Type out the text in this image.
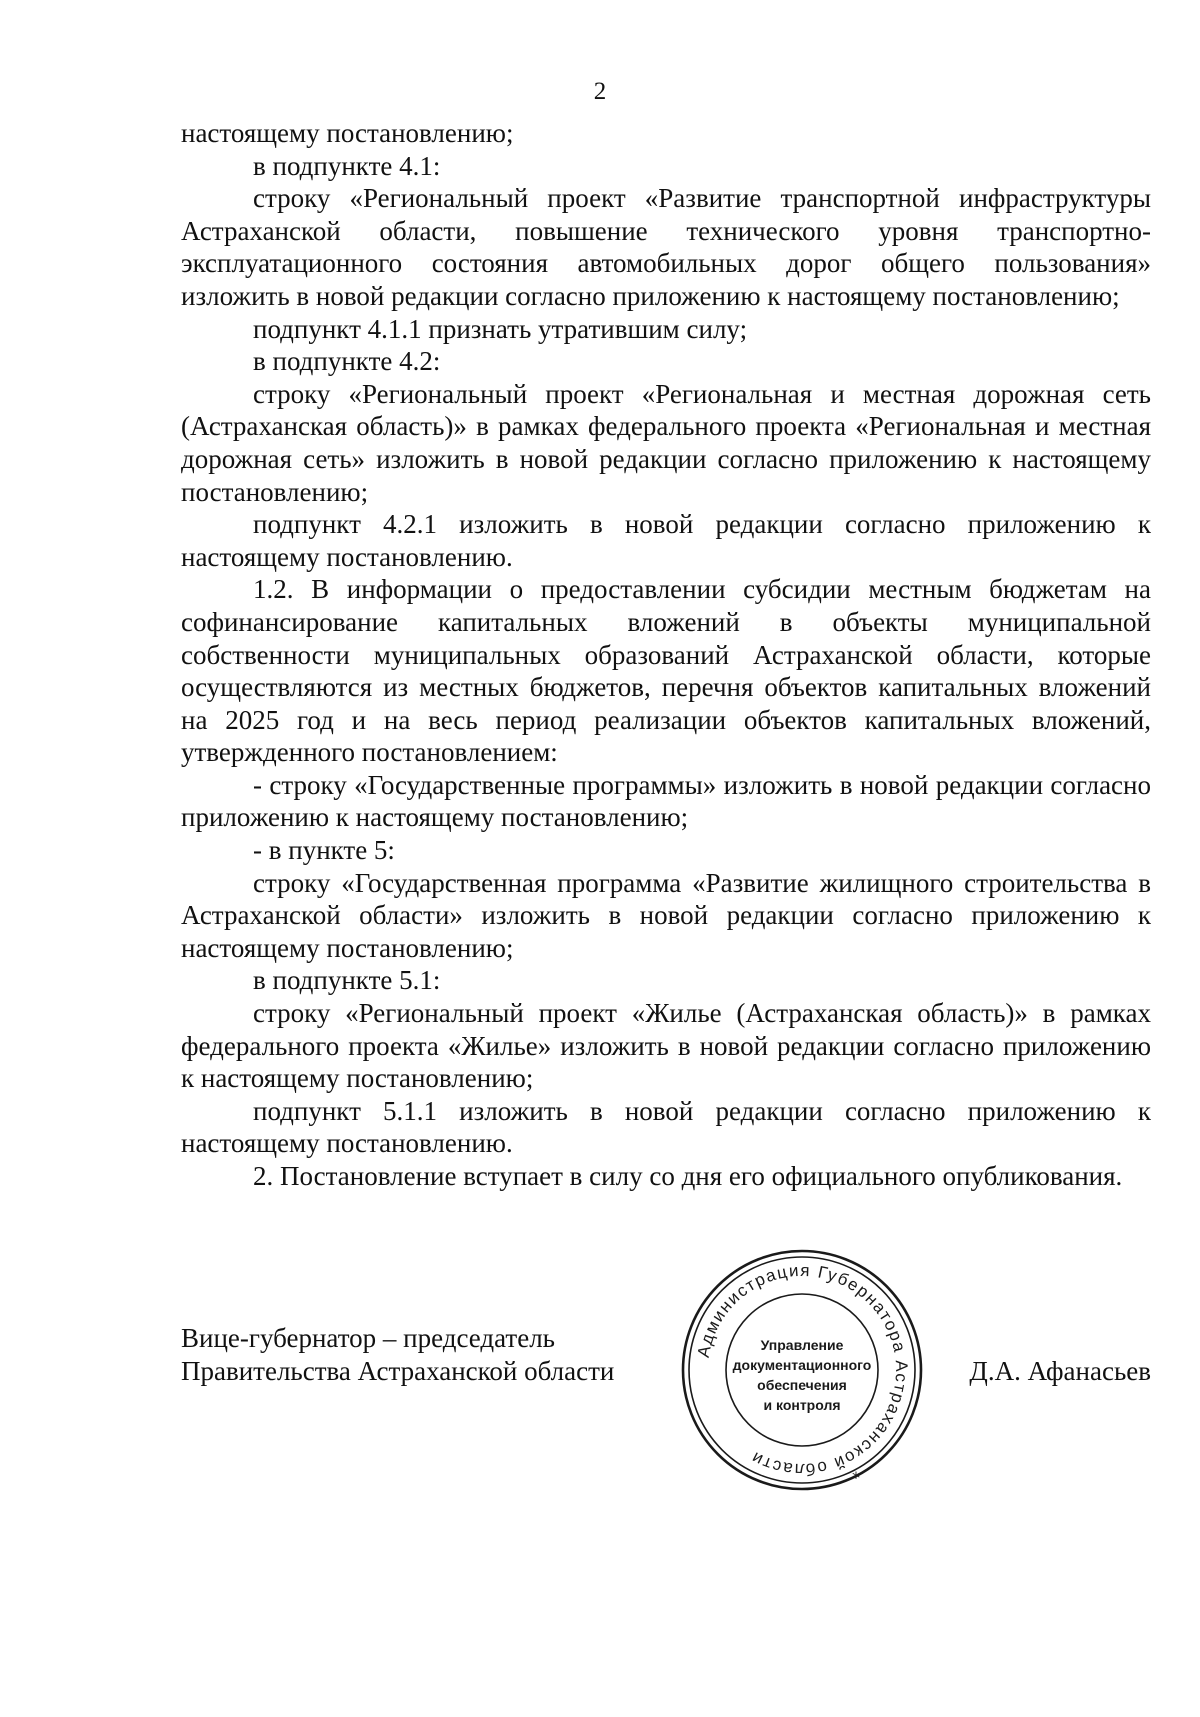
2

настоящему постановлению;

в подпункте 4.1:

строку «Региональный проект «Развитие транспортной инфраструктуры Астраханской области, повышение технического уровня транспортно-эксплуатационного состояния автомобильных дорог общего пользования» изложить в новой редакции согласно приложению к настоящему постановлению;

подпункт 4.1.1 признать утратившим силу;

в подпункте 4.2:

строку «Региональный проект «Региональная и местная дорожная сеть (Астраханская область)» в рамках федерального проекта «Региональная и местная дорожная сеть» изложить в новой редакции согласно приложению к настоящему постановлению;

подпункт 4.2.1 изложить в новой редакции согласно приложению к настоящему постановлению.

1.2. В информации о предоставлении субсидии местным бюджетам на софинансирование капитальных вложений в объекты муниципальной собственности муниципальных образований Астраханской области, которые осуществляются из местных бюджетов, перечня объектов капитальных вложений на 2025 год и на весь период реализации объектов капитальных вложений, утвержденного постановлением:

- строку «Государственные программы» изложить в новой редакции согласно приложению к настоящему постановлению;

- в пункте 5:

строку «Государственная программа «Развитие жилищного строительства в Астраханской области» изложить в новой редакции согласно приложению к настоящему постановлению;

в подпункте 5.1:

строку «Региональный проект «Жилье (Астраханская область)» в рамках федерального проекта «Жилье» изложить в новой редакции согласно приложению к настоящему постановлению;

подпункт 5.1.1 изложить в новой редакции согласно приложению к настоящему постановлению.

2. Постановление вступает в силу со дня его официального опубликования.

Вице-губернатор – председатель
Правительства Астраханской области	Д.А. Афанасьев
Администрация Губернатора Астраханской области
*
Управление
документационного
обеспечения
и контроля
